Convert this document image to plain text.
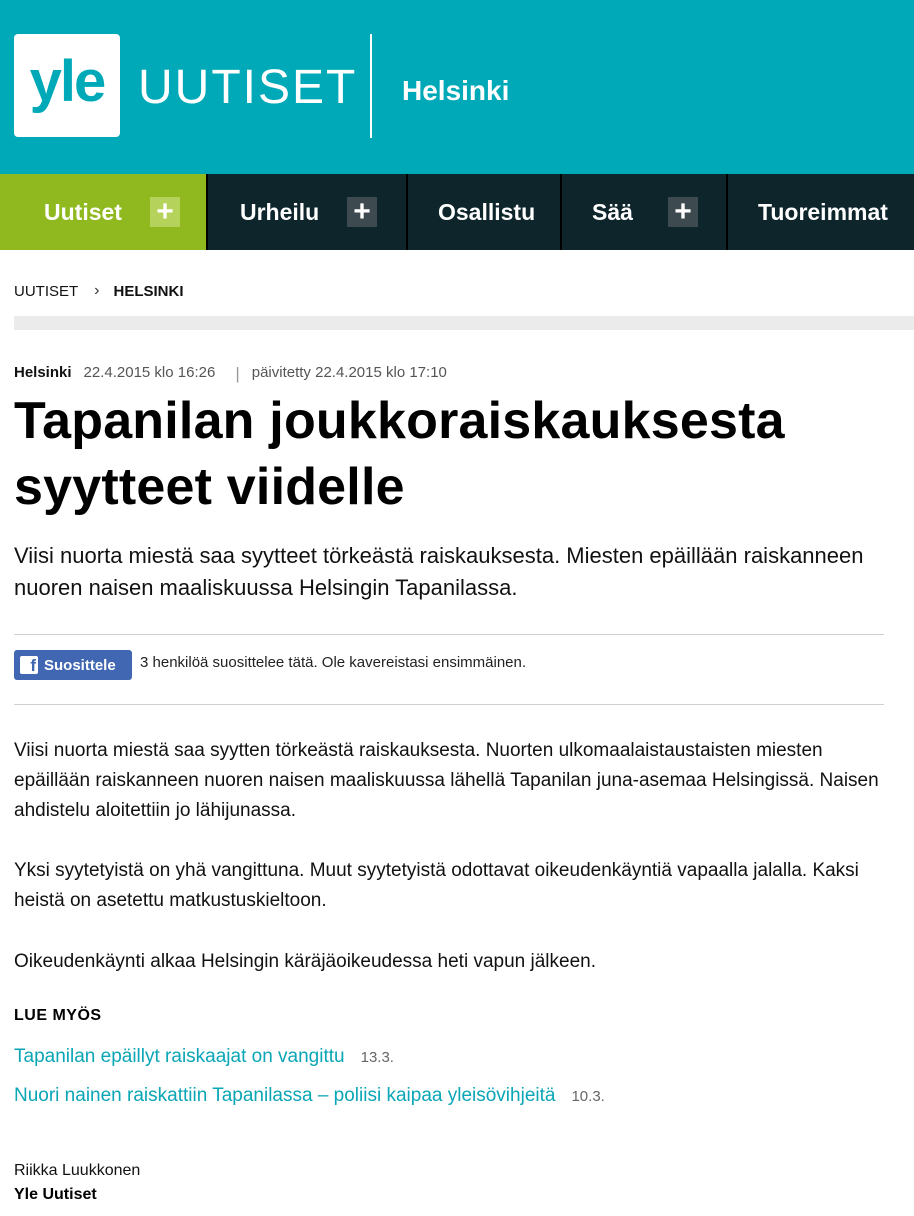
yle UUTISET Helsinki
Uutiset	+	Urheilu	+	Osallistu Sää	+	Tuoreimmat
UUTISET › HELSINKI
Helsinki 22.4.2015 klo 16:26 | päivitetty 22.4.2015 klo 17:10
Tapanilan joukkoraiskauksesta syytteet viidelle

Viisi nuorta miestä saa syytteet törkeästä raiskauksesta. Miesten epäillään raiskanneen nuoren naisen maaliskuussa Helsingin Tapanilassa.

f Suosittele 3 henkilöä suosittelee tätä. Ole kavereistasi ensimmäinen.

Viisi nuorta miestä saa syytten törkeästä raiskauksesta. Nuorten ulkomaalaistaustaisten miesten epäillään raiskanneen nuoren naisen maaliskuussa lähellä Tapanilan juna-asemaa Helsingissä. Naisen ahdistelu aloitettiin jo lähijunassa.

Yksi syytetyistä on yhä vangittuna. Muut syytetyistä odottavat oikeudenkäyntiä vapaalla jalalla. Kaksi heistä on asetettu matkustuskieltoon.

Oikeudenkäynti alkaa Helsingin käräjäoikeudessa heti vapun jälkeen.

LUE MYÖS
Tapanilan epäillyt raiskaajat on vangittu 13.3.
Nuori nainen raiskattiin Tapanilassa – poliisi kaipaa yleisövihjeitä 10.3.
Riikka Luukkonen
Yle Uutiset
